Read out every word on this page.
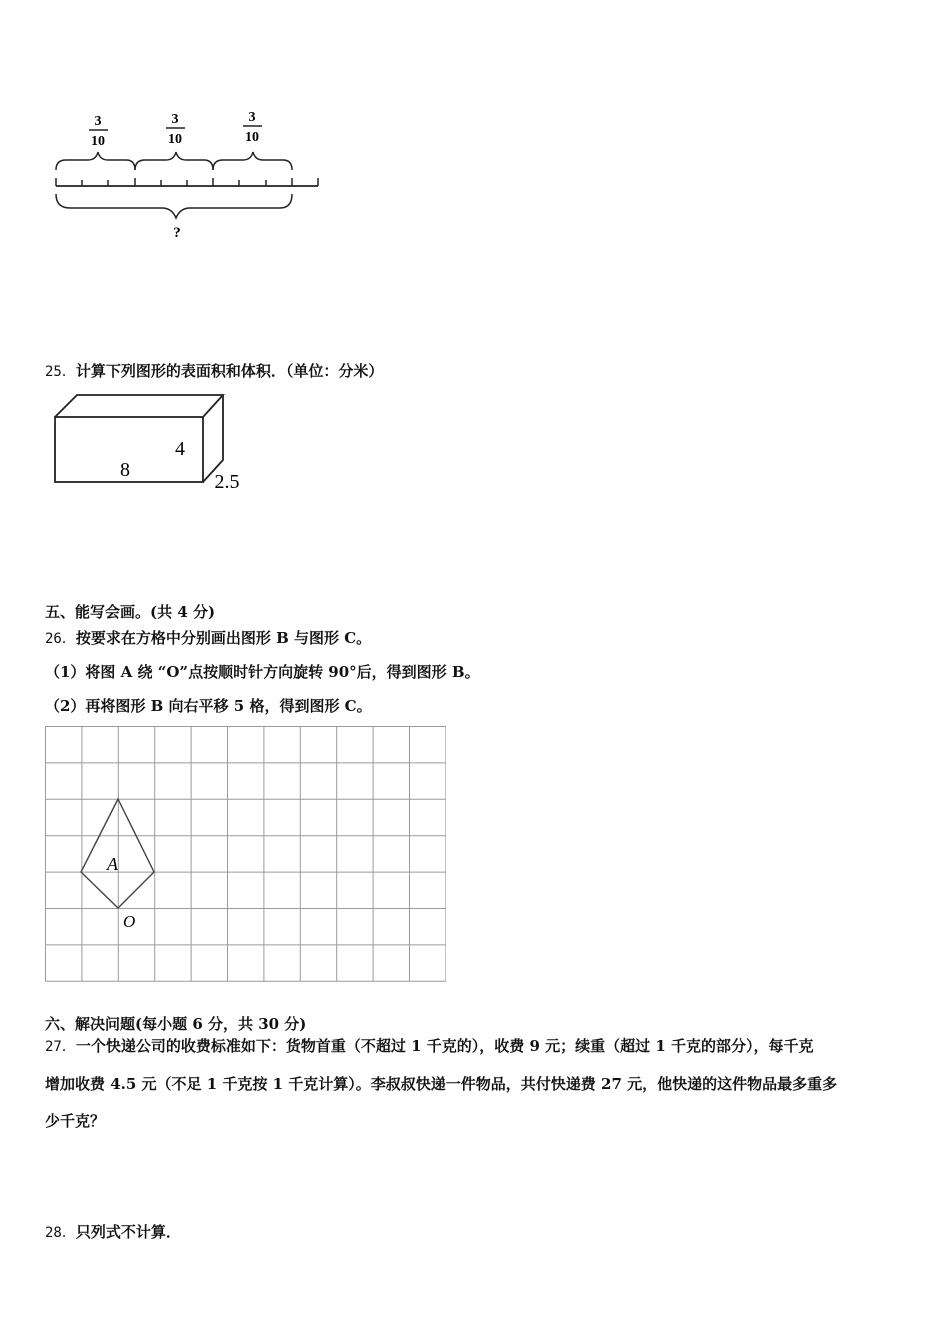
3
10
3
10
3
10
?
25．计算下列图形的表面积和体积．（单位：分米）
8
4
2.5
五、能写会画。(共 4 分)
26．按要求在方格中分别画出图形 B 与图形 C。
（1）将图 A 绕 “O”点按顺时针方向旋转 90°后，得到图形 B。
（2）再将图形 B 向右平移 5 格，得到图形 C。
A
O
六、解决问题(每小题 6 分，共 30 分)
27．一个快递公司的收费标准如下：货物首重（不超过 1 千克的），收费 9 元；续重（超过 1 千克的部分），每千克
增加收费 4.5 元（不足 1 千克按 1 千克计算）。李叔叔快递一件物品，共付快递费 27 元，他快递的这件物品最多重多
少千克？
28．只列式不计算．
